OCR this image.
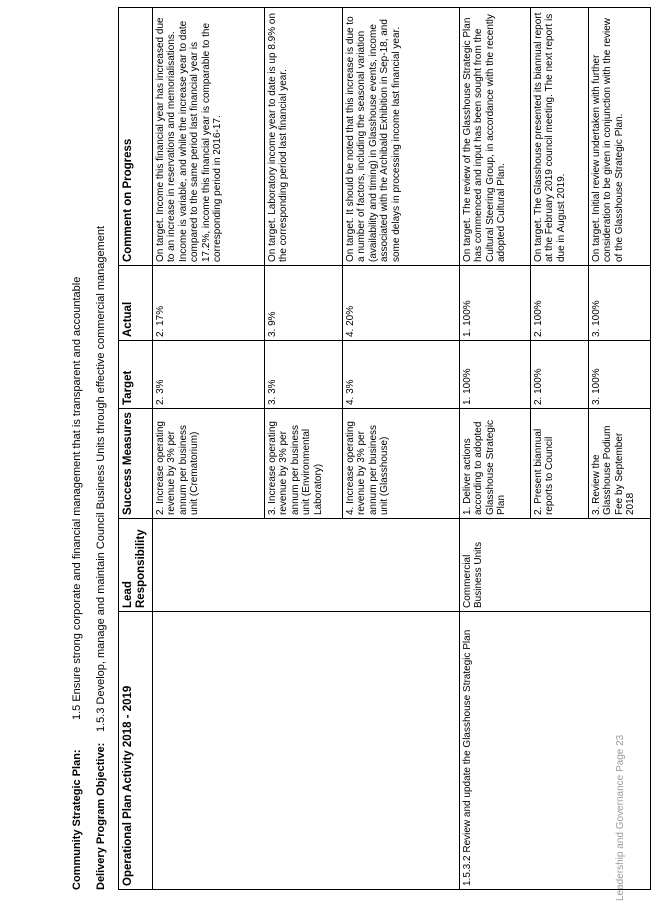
Leadership and Governance Page 23
Community Strategic Plan:1.5 Ensure strong corporate and financial management that is transparent and accountable
Delivery Program Objective:1.5.3 Develop, manage and maintain Council Business Units through effective commercial management
Operational Plan Activity 2018 - 2019	Lead Responsibility	Success Measures	Target	Actual	Comment on Progress
		2. Increase operating revenue by 3% per annum per business unit (Crematorium)	2. 3%	2. 17%	On target. Income this financial year has increased due to an increase in reservations and memorialisations. Income is variable, and while the increase year to date compared to the same period last financial year is 17.2%, income this financial year is comparable to the corresponding period in 2016-17.
		3. Increase operating revenue by 3% per annum per business unit (Environmental Laboratory)	3. 3%	3. 9%	On target. Laboratory income year to date is up 8.9% on the corresponding period last financial year.
		4. Increase operating revenue by 3% per annum per business unit (Glasshouse)	4. 3%	4. 20%	On target. It should be noted that this increase is due to a number of factors, including the seasonal variation (availability and timing) in Glasshouse events, income associated with the Archibald Exhibition in Sep-18, and some delays in processing income last financial year.
1.5.3.2 Review and update the Glasshouse Strategic Plan	Commercial Business Units	1. Deliver actions according to adopted Glasshouse Strategic Plan	1. 100%	1. 100%	On target. The review of the Glasshouse Strategic Plan has commenced and input has been sought from the Cultural Steering Group, in accordance with the recently adopted Cultural Plan.
		2. Present biannual reports to Council	2. 100%	2. 100%	On target. The Glasshouse presented its biannual report at the February 2019 council meeting. The next report is due in August 2019.
		3. Review the Glasshouse Podium Fee by September 2018	3. 100%	3. 100%	On target. Initial review undertaken with further consideration to be given in conjunction with the review of the Glasshouse Strategic Plan.
